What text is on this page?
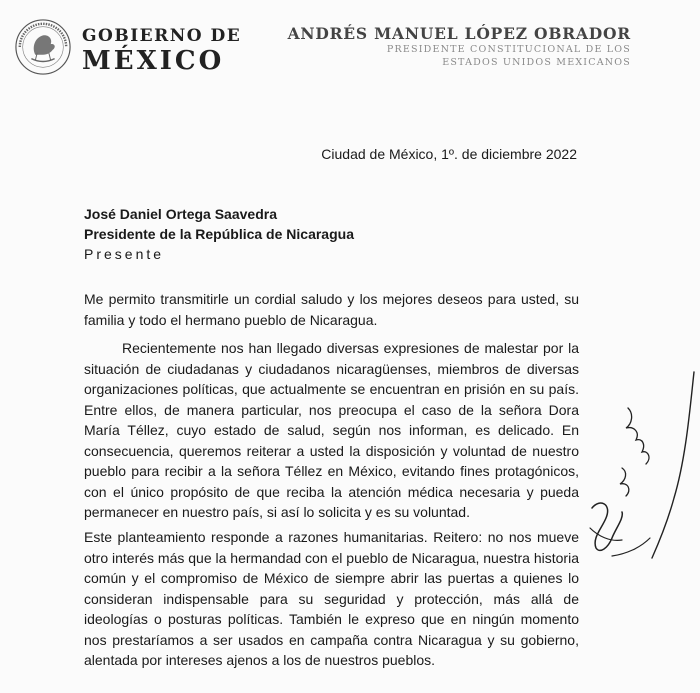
GOBIERNO DE
MÉXICO
ANDRÉS MANUEL LÓPEZ OBRADOR
PRESIDENTE CONSTITUCIONAL DE LOS
ESTADOS UNIDOS MEXICANOS
Ciudad de México, 1º. de diciembre 2022
José Daniel Ortega Saavedra
Presidente de la República de Nicaragua
Presente

Me permito transmitirle un cordial saludo y los mejores deseos para usted, su familia y todo el hermano pueblo de Nicaragua.

Recientemente nos han llegado diversas expresiones de malestar por la situación de ciudadanas y ciudadanos nicaragüenses, miembros de diversas organizaciones políticas, que actualmente se encuentran en prisión en su país. Entre ellos, de manera particular, nos preocupa el caso de la señora Dora María Téllez, cuyo estado de salud, según nos informan, es delicado. En consecuencia, queremos reiterar a usted la disposición y voluntad de nuestro pueblo para recibir a la señora Téllez en México, evitando fines protagónicos, con el único propósito de que reciba la atención médica necesaria y pueda permanecer en nuestro país, si así lo solicita y es su voluntad.

Este planteamiento responde a razones humanitarias. Reitero: no nos mueve otro interés más que la hermandad con el pueblo de Nicaragua, nuestra historia común y el compromiso de México de siempre abrir las puertas a quienes lo consideran indispensable para su seguridad y protección, más allá de ideologías o posturas políticas. También le expreso que en ningún momento nos prestaríamos a ser usados en campaña contra Nicaragua y su gobierno, alentada por intereses ajenos a los de nuestros pueblos.
